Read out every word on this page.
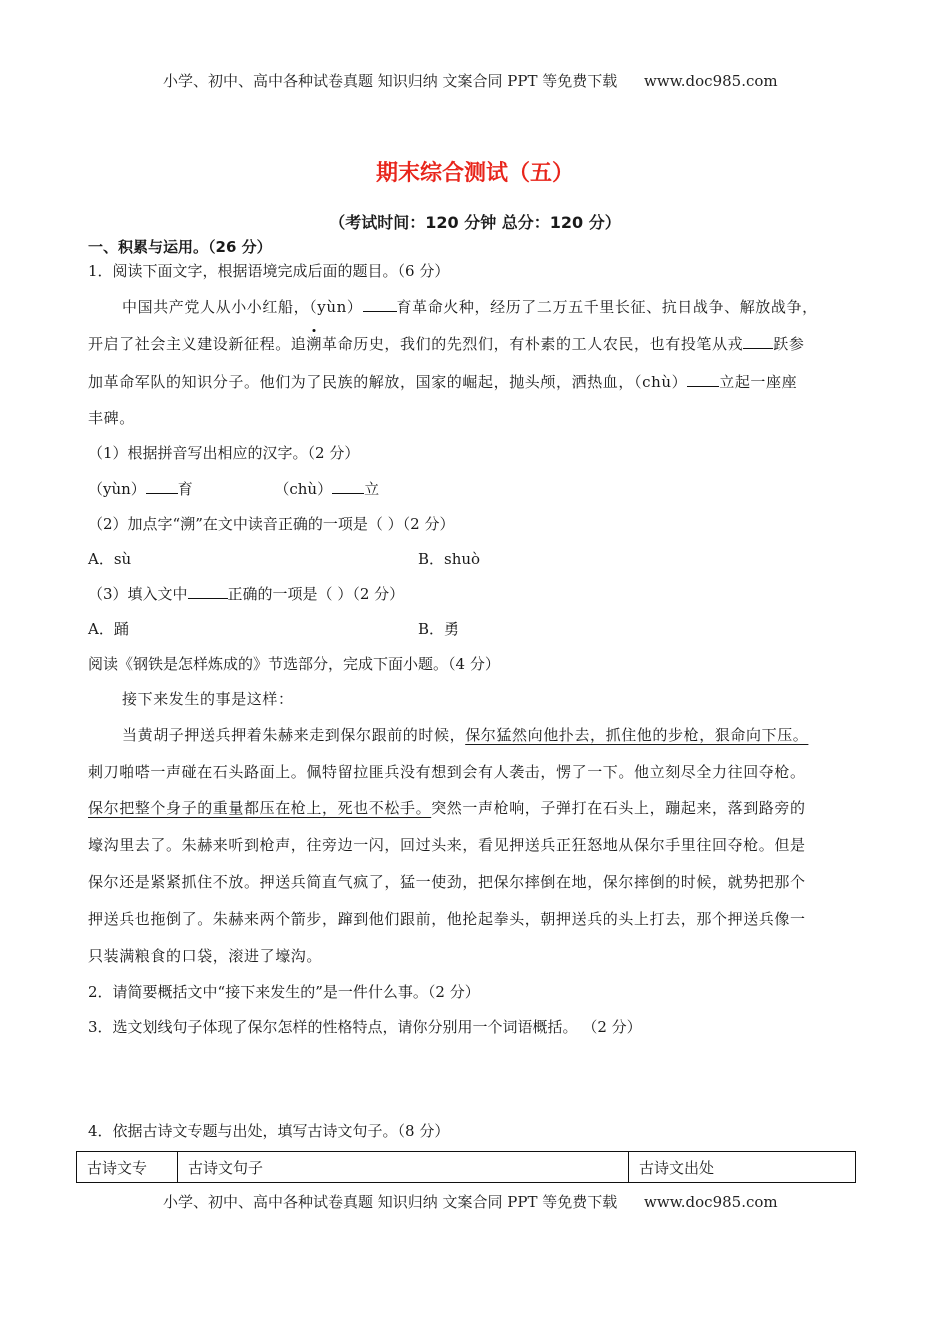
小学、初中、高中各种试卷真题 知识归纳 文案合同 PPT 等免费下载 www.doc985.com
期末综合测试（五）
（考试时间：120 分钟 总分：120 分）
一、积累与运用。（26 分）
1．阅读下面文字，根据语境完成后面的题目。（6 分）
中国共产党人从小小红船，（yùn） 育革命火种，经历了二万五千里长征、抗日战争、解放战争，
开启了社会主义建设新征程。追溯革命历史，我们的先烈们，有朴素的工人农民，也有投笔从戎 跃参
加革命军队的知识分子。他们为了民族的解放，国家的崛起，抛头颅，洒热血，（chù） 立起一座座
丰碑。
（1）根据拼音写出相应的汉字。（2 分）
（yùn） 育	（chù） 立
（2）加点字“溯”在文中读音正确的一项是（ ）（2 分）
A．sù	B．shuò
（3）填入文中	正确的一项是（ ）（2 分）
A．踊	B．勇
阅读《钢铁是怎样炼成的》节选部分，完成下面小题。（4 分）
接下来发生的事是这样：
当黄胡子押送兵押着朱赫来走到保尔跟前的时候，保尔猛然向他扑去，抓住他的步枪，狠命向下压。
刺刀啪嗒一声碰在石头路面上。佩特留拉匪兵没有想到会有人袭击，愣了一下。他立刻尽全力往回夺枪。
保尔把整个身子的重量都压在枪上，死也不松手。突然一声枪响，子弹打在石头上，蹦起来，落到路旁的
壕沟里去了。朱赫来听到枪声，往旁边一闪，回过头来，看见押送兵正狂怒地从保尔手里往回夺枪。但是
保尔还是紧紧抓住不放。押送兵简直气疯了，猛一使劲，把保尔摔倒在地，保尔摔倒的时候，就势把那个
押送兵也拖倒了。朱赫来两个箭步，蹿到他们跟前，他抡起拳头，朝押送兵的头上打去，那个押送兵像一
只装满粮食的口袋，滚进了壕沟。
2．请简要概括文中“接下来发生的”是一件什么事。（2 分）
3．选文划线句子体现了保尔怎样的性格特点，请你分别用一个词语概括。 （2 分）
4．依据古诗文专题与出处，填写古诗文句子。（8 分）
古诗文专	古诗文句子	古诗文出处
小学、初中、高中各种试卷真题 知识归纳 文案合同 PPT 等免费下载 www.doc985.com
